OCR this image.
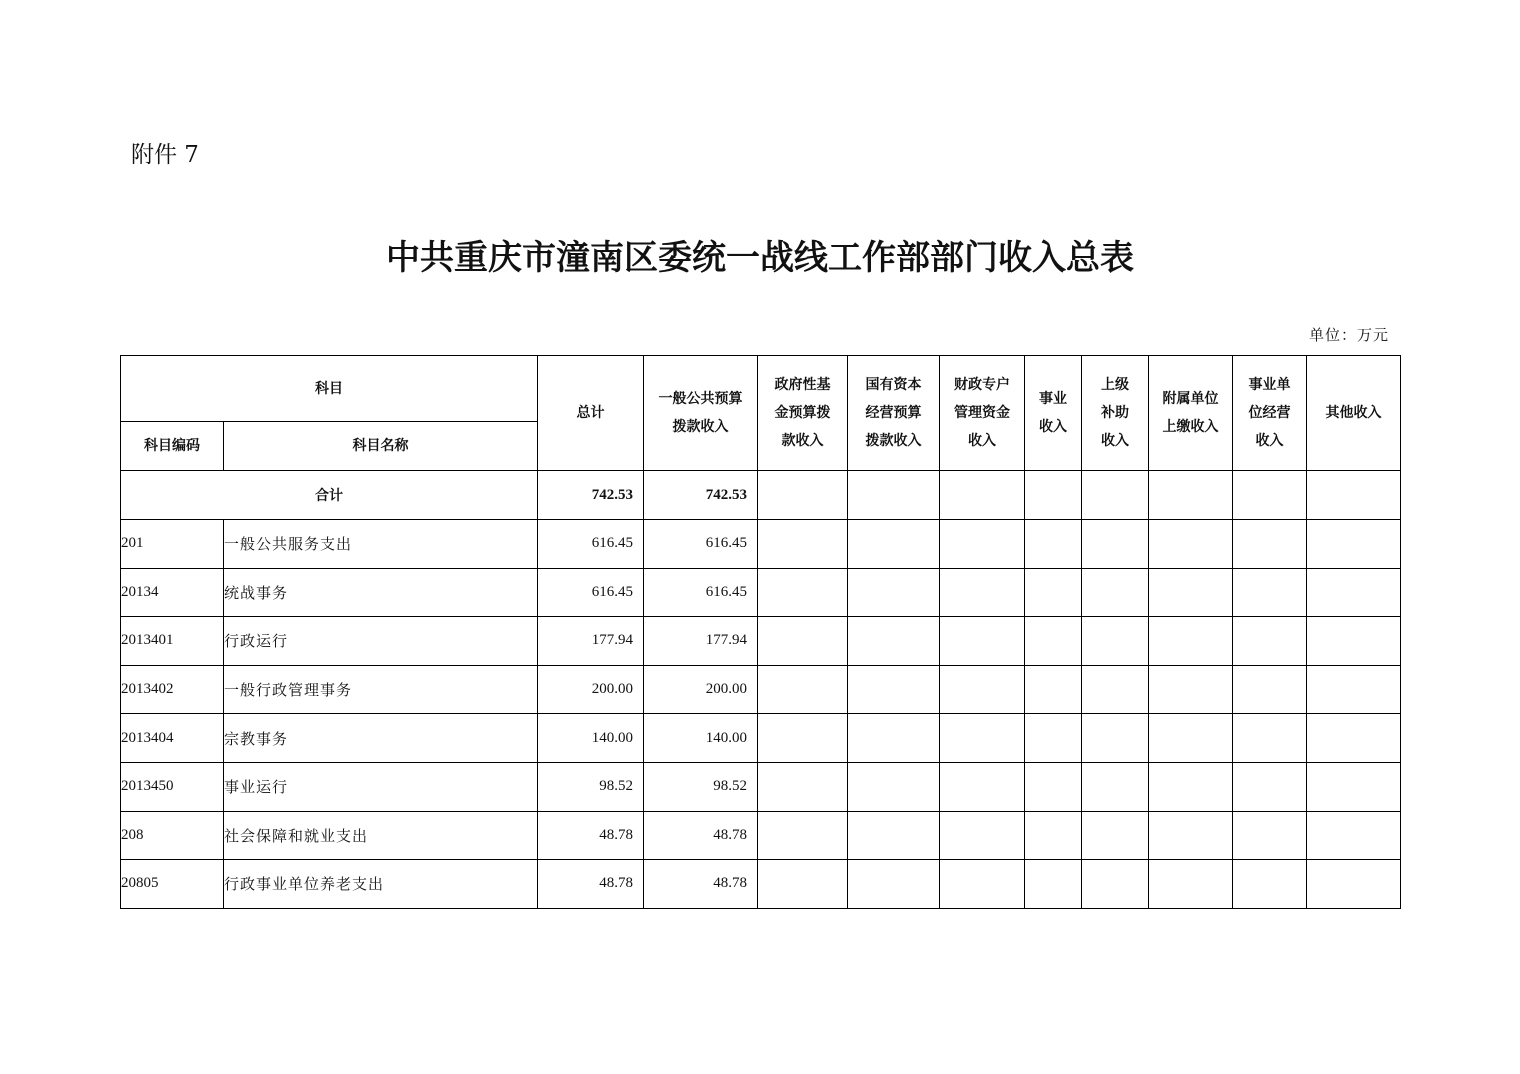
附件 7
中共重庆市潼南区委统一战线工作部部门收入总表
单位：万元
科目		总计	一般公共预算拨款收入	政府性基金预算拨款收入	国有资本经营预算拨款收入	财政专户管理资金收入	事业收入	上级补助收入	附属单位上缴收入	事业单位经营收入	其他收入
科目编码	科目名称										
合计		742.53	742.53								
201	一般公共服务支出	616.45	616.45								
20134	统战事务	616.45	616.45								
2013401	行政运行	177.94	177.94								
2013402	一般行政管理事务	200.00	200.00								
2013404	宗教事务	140.00	140.00								
2013450	事业运行	98.52	98.52								
208	社会保障和就业支出	48.78	48.78								
20805	行政事业单位养老支出	48.78	48.78								
